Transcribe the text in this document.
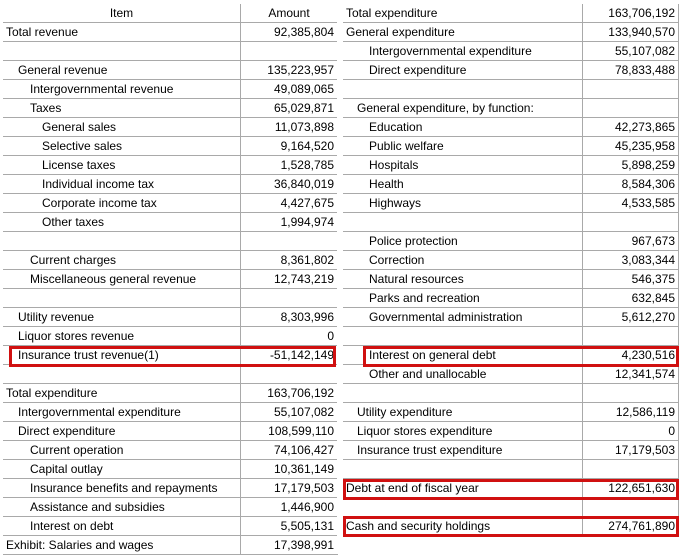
Item	Amount
Total revenue	92,385,804
General revenue	135,223,957
Intergovernmental revenue	49,089,065
Taxes	65,029,871
General sales	11,073,898
Selective sales	9,164,520
License taxes	1,528,785
Individual income tax	36,840,019
Corporate income tax	4,427,675
Other taxes	1,994,974
Current charges	8,361,802
Miscellaneous general revenue	12,743,219
Utility revenue	8,303,996
Liquor stores revenue	0
Insurance trust revenue(1)	-51,142,149
Total expenditure	163,706,192
Intergovernmental expenditure	55,107,082
Direct expenditure	108,599,110
Current operation	74,106,427
Capital outlay	10,361,149
Insurance benefits and repayments	17,179,503
Assistance and subsidies	1,446,900
Interest on debt	5,505,131
Exhibit: Salaries and wages	17,398,991
Total expenditure	163,706,192
General expenditure	133,940,570
Intergovernmental expenditure	55,107,082
Direct expenditure	78,833,488
General expenditure, by function:
Education	42,273,865
Public welfare	45,235,958
Hospitals	5,898,259
Health	8,584,306
Highways	4,533,585
Police protection	967,673
Correction	3,083,344
Natural resources	546,375
Parks and recreation	632,845
Governmental administration	5,612,270
Interest on general debt	4,230,516
Other and unallocable	12,341,574
Utility expenditure	12,586,119
Liquor stores expenditure	0
Insurance trust expenditure	17,179,503
Debt at end of fiscal year	122,651,630
Cash and security holdings	274,761,890
